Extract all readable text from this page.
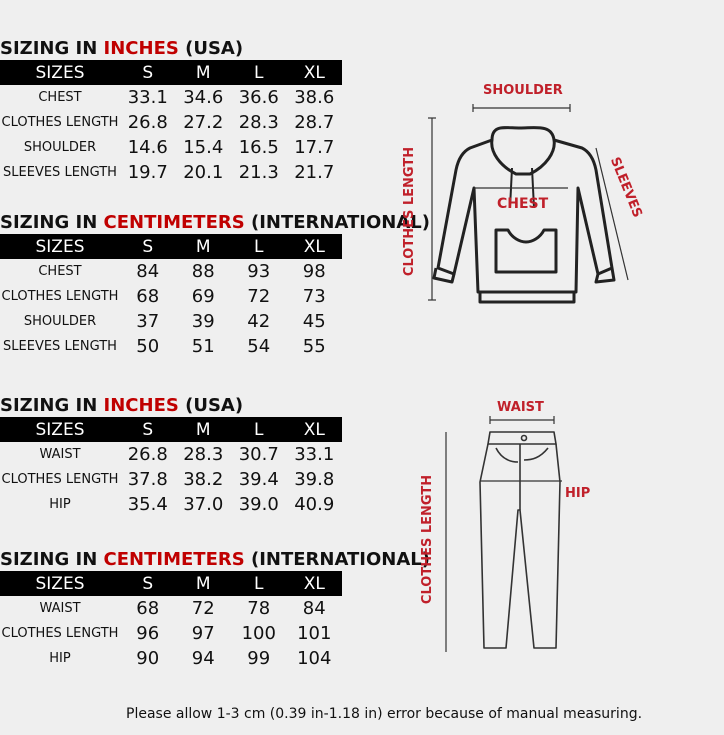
SIZING IN INCHES (USA)
SIZES	S	M	L	XL
CHEST	33.1	34.6	36.6	38.6
CLOTHES LENGTH	26.8	27.2	28.3	28.7
SHOULDER	14.6	15.4	16.5	17.7
SLEEVES LENGTH	19.7	20.1	21.3	21.7
SIZING IN CENTIMETERS (INTERNATIONAL)
SIZES	S	M	L	XL
CHEST	84	88	93	98
CLOTHES LENGTH	68	69	72	73
SHOULDER	37	39	42	45
SLEEVES LENGTH	50	51	54	55
SIZING IN INCHES (USA)
SIZES	S	M	L	XL
WAIST	26.8	28.3	30.7	33.1
CLOTHES LENGTH	37.8	38.2	39.4	39.8
HIP	35.4	37.0	39.0	40.9
SIZING IN CENTIMETERS (INTERNATIONAL)
SIZES	S	M	L	XL
WAIST	68	72	78	84
CLOTHES LENGTH	96	97	100	101
HIP	90	94	99	104
SHOULDER
CHEST	SLEEVES
CLOTHES LENGTH
WAIST
HIP
CLOTHES LENGTH
Please allow 1-3 cm (0.39 in-1.18 in) error because of manual measuring.
